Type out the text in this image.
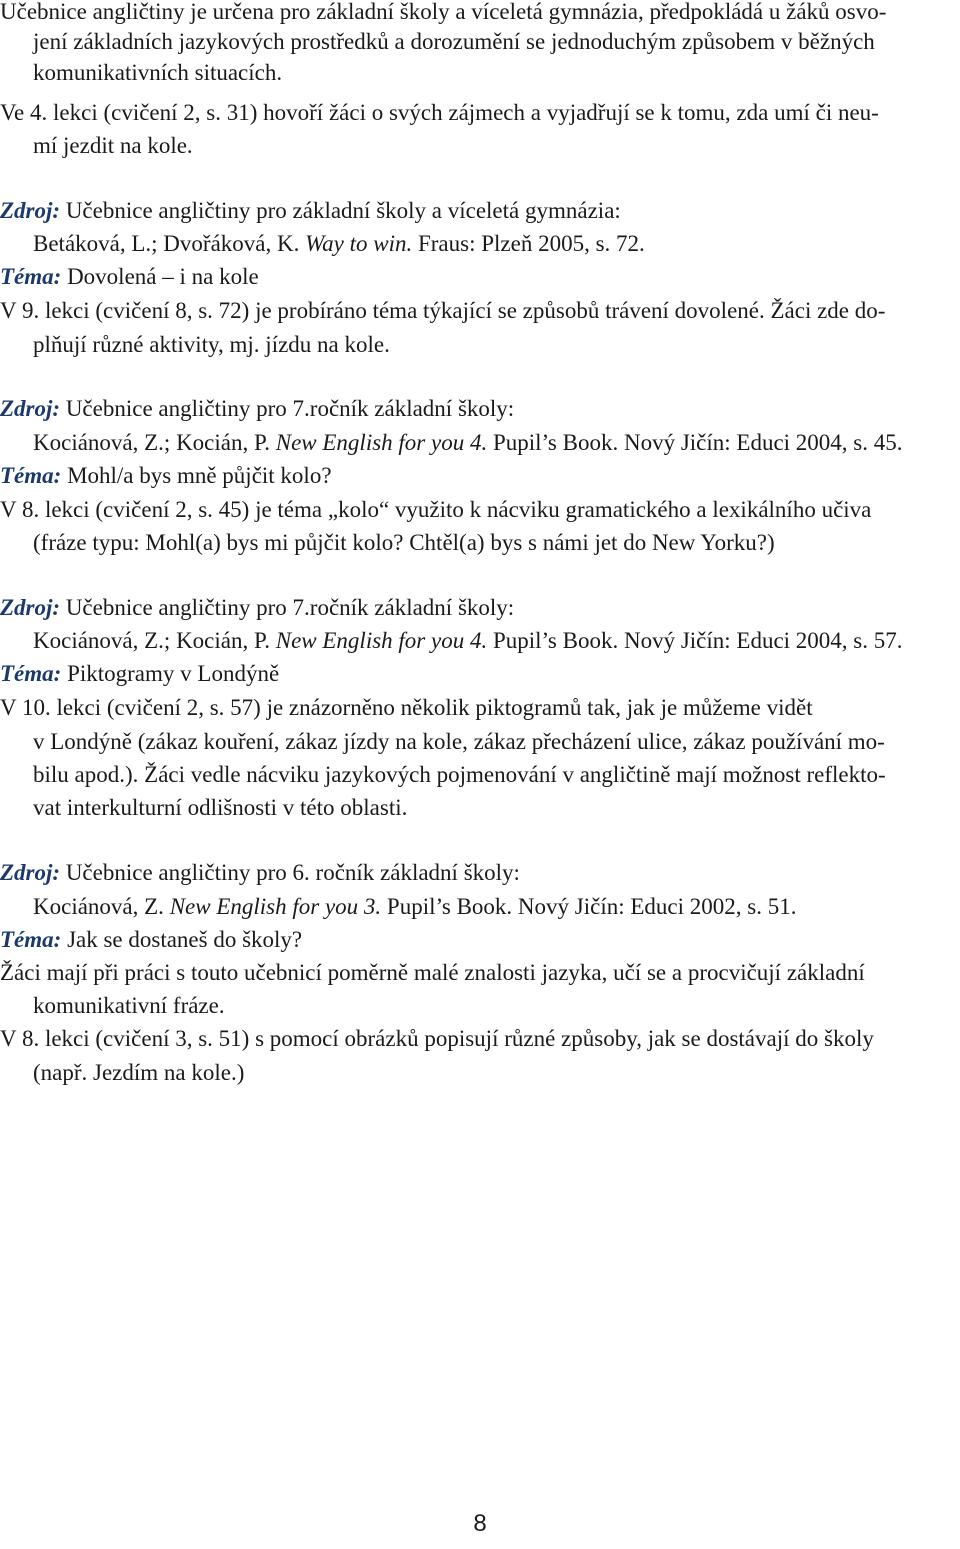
Učebnice angličtiny je určena pro základní školy a víceletá gymnázia, předpokládá u žáků osvo-
jení základních jazykových prostředků a dorozumění se jednoduchým způsobem v běžných
komunikativních situacích.
Ve 4. lekci (cvičení 2, s. 31) hovoří žáci o svých zájmech a vyjadřují se k tomu, zda umí či neu-
mí jezdit na kole.
Zdroj: Učebnice angličtiny pro základní školy a víceletá gymnázia:
Betáková, L.; Dvořáková, K. Way to win. Fraus: Plzeň 2005, s. 72.
Téma: Dovolená – i na kole
V 9. lekci (cvičení 8, s. 72) je probíráno téma týkající se způsobů trávení dovolené. Žáci zde do-
plňují různé aktivity, mj. jízdu na kole.
Zdroj: Učebnice angličtiny pro 7.ročník základní školy:
Kociánová, Z.; Kocián, P. New English for you 4. Pupil’s Book. Nový Jičín: Educi 2004, s. 45.
Téma: Mohl/a bys mně půjčit kolo?
V 8. lekci (cvičení 2, s. 45) je téma „kolo“ využito k nácviku gramatického a lexikálního učiva
(fráze typu: Mohl(a) bys mi půjčit kolo? Chtěl(a) bys s námi jet do New Yorku?)
Zdroj: Učebnice angličtiny pro 7.ročník základní školy:
Kociánová, Z.; Kocián, P. New English for you 4. Pupil’s Book. Nový Jičín: Educi 2004, s. 57.
Téma: Piktogramy v Londýně
V 10. lekci (cvičení 2, s. 57) je znázorněno několik piktogramů tak, jak je můžeme vidět
v Londýně (zákaz kouření, zákaz jízdy na kole, zákaz přecházení ulice, zákaz používání mo-
bilu apod.). Žáci vedle nácviku jazykových pojmenování v angličtině mají možnost reflekto-
vat interkulturní odlišnosti v této oblasti.
Zdroj: Učebnice angličtiny pro 6. ročník základní školy:
Kociánová, Z. New English for you 3. Pupil’s Book. Nový Jičín: Educi 2002, s. 51.
Téma: Jak se dostaneš do školy?
Žáci mají při práci s touto učebnicí poměrně malé znalosti jazyka, učí se a procvičují základní
komunikativní fráze.
V 8. lekci (cvičení 3, s. 51) s pomocí obrázků popisují různé způsoby, jak se dostávají do školy
(např. Jezdím na kole.)
8
